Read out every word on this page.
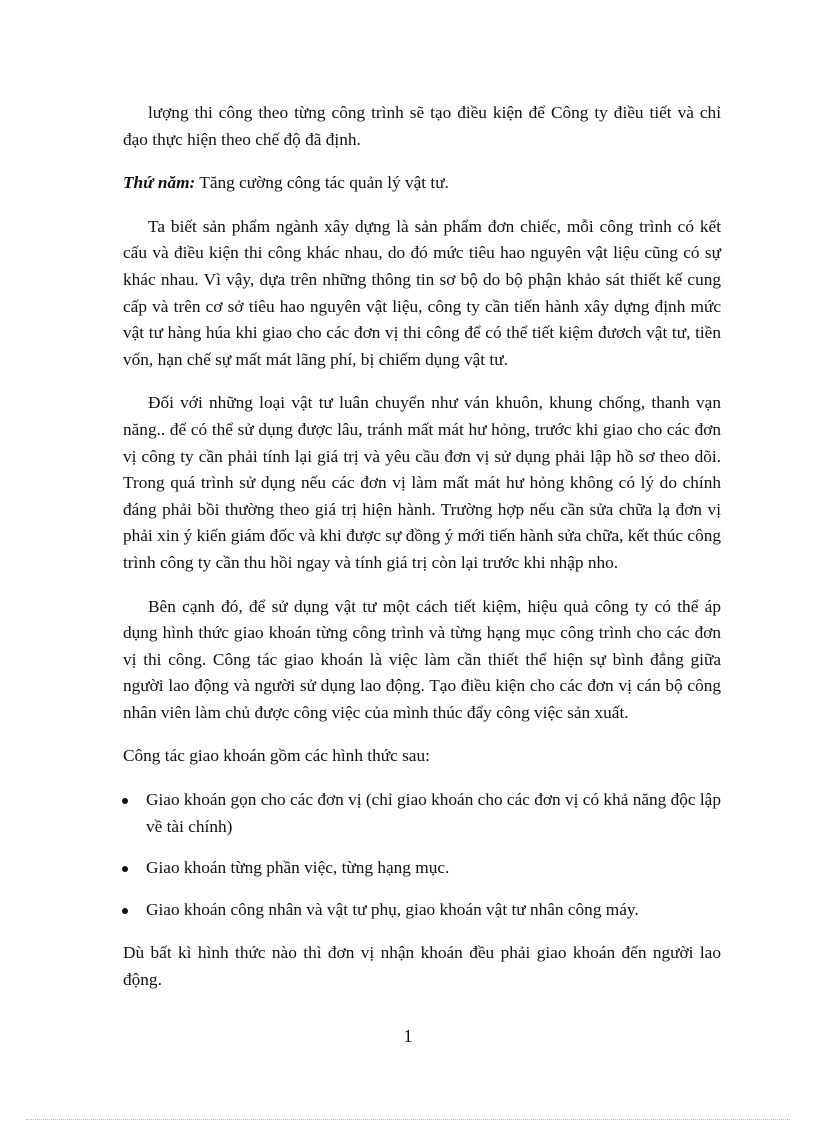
lượng thi công theo từng công trình sẽ tạo điều kiện để Công ty điều tiết và chỉ đạo thực hiện theo chế độ đã định.

Thứ năm: Tăng cường công tác quản lý vật tư.

Ta biết sản phẩm ngành xây dựng là sản phẩm đơn chiếc, mỗi công trình có kết cấu và điều kiện thi công khác nhau, do đó mức tiêu hao nguyên vật liệu cũng có sự khác nhau. Vì vậy, dựa trên những thông tin sơ bộ do bộ phận khảo sát thiết kế cung cấp và trên cơ sở tiêu hao nguyên vật liệu, công ty cần tiến hành xây dựng định mức vật tư hàng húa khi giao cho các đơn vị thi công để có thể tiết kiệm đươch vật tư, tiền vốn, hạn chế sự mất mát lãng phí, bị chiếm dụng vật tư.

Đối với những loại vật tư luân chuyển như ván khuôn, khung chống, thanh vạn năng.. để có thể sử dụng được lâu, tránh mất mát hư hỏng, trước khi giao cho các đơn vị công ty cần phải tính lại giá trị và yêu cầu đơn vị sử dụng phải lập hồ sơ theo dõi. Trong quá trình sử dụng nếu các đơn vị làm mất mát hư hỏng không có lý do chính đáng phải bồi thường theo giá trị hiện hành. Trường hợp nếu cần sửa chữa lạ đơn vị phải xin ý kiến giám đốc và khi được sự đồng ý mới tiến hành sửa chữa, kết thúc công trình công ty cần thu hồi ngay và tính giá trị còn lại trước khi nhập nho.

Bên cạnh đó, để sử dụng vật tư một cách tiết kiệm, hiệu quả công ty có thể áp dụng hình thức giao khoán từng công trình và từng hạng mục công trình cho các đơn vị thi công. Công tác giao khoán là việc làm cần thiết thể hiện sự bình đẳng giữa người lao động và người sử dụng lao động. Tạo điều kiện cho các đơn vị cán bộ công nhân viên làm chủ được công việc của mình thúc đẩy công việc sản xuất.

Công tác giao khoán gồm các hình thức sau:

Giao khoán gọn cho các đơn vị (chỉ giao khoán cho các đơn vị có khả năng độc lập về tài chính)
Giao khoán từng phần việc, từng hạng mục.
Giao khoán công nhân và vật tư phụ, giao khoán vật tư nhân công máy.

Dù bất kì hình thức nào thì đơn vị nhận khoán đều phải giao khoán đến người lao động.

1
